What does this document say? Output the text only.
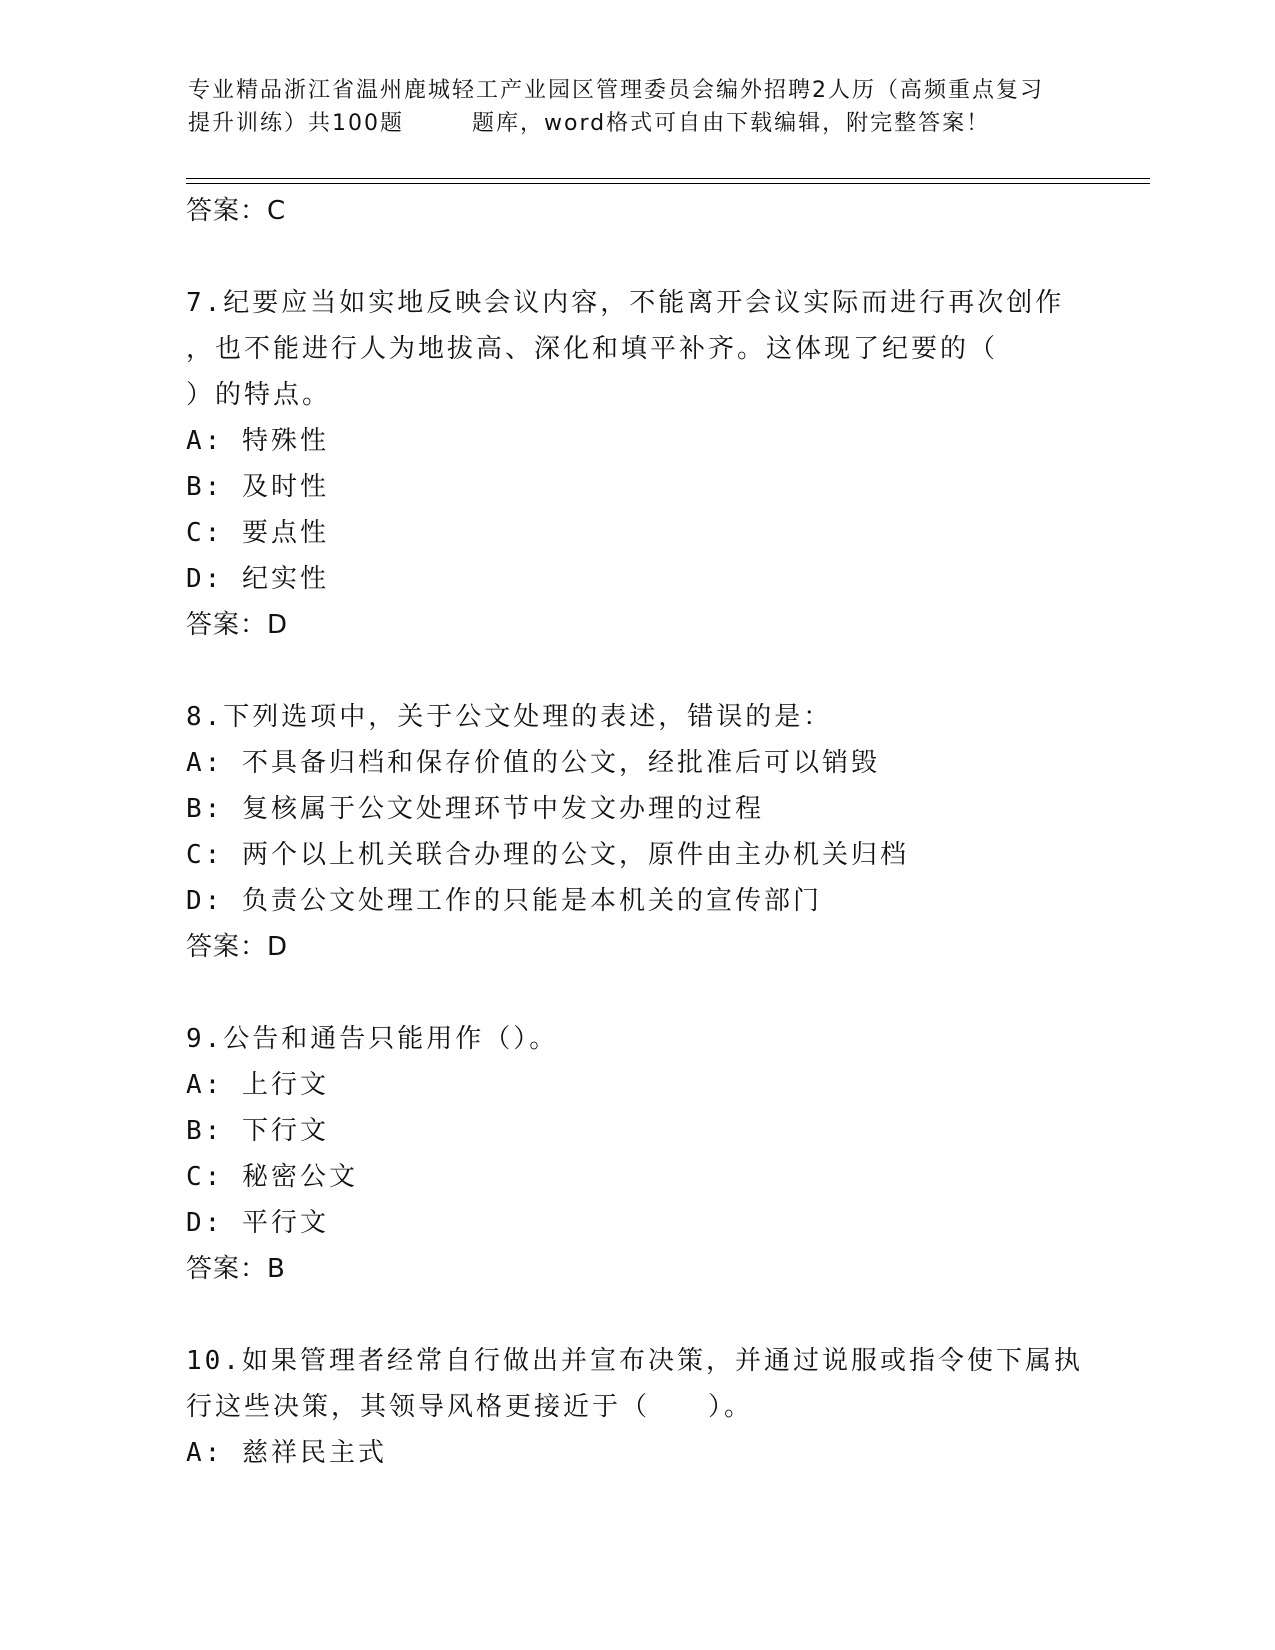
专业精品浙江省温州鹿城轻工产业园区管理委员会编外招聘2人历（高频重点复习
提升训练）共100题	题库，word格式可自由下载编辑，附完整答案！
答案：C
7.纪要应当如实地反映会议内容，不能离开会议实际而进行再次创作
，也不能进行人为地拔高、深化和填平补齐。这体现了纪要的（
）的特点。
A: 特殊性
B: 及时性
C: 要点性
D: 纪实性
答案：D
8.下列选项中，关于公文处理的表述，错误的是：
A: 不具备归档和保存价值的公文，经批准后可以销毁
B: 复核属于公文处理环节中发文办理的过程
C: 两个以上机关联合办理的公文，原件由主办机关归档
D: 负责公文处理工作的只能是本机关的宣传部门
答案：D
9.公告和通告只能用作（）。
A: 上行文
B: 下行文
C: 秘密公文
D: 平行文
答案：B
10.如果管理者经常自行做出并宣布决策，并通过说服或指令使下属执
行这些决策，其领导风格更接近于（　　）。
A: 慈祥民主式
